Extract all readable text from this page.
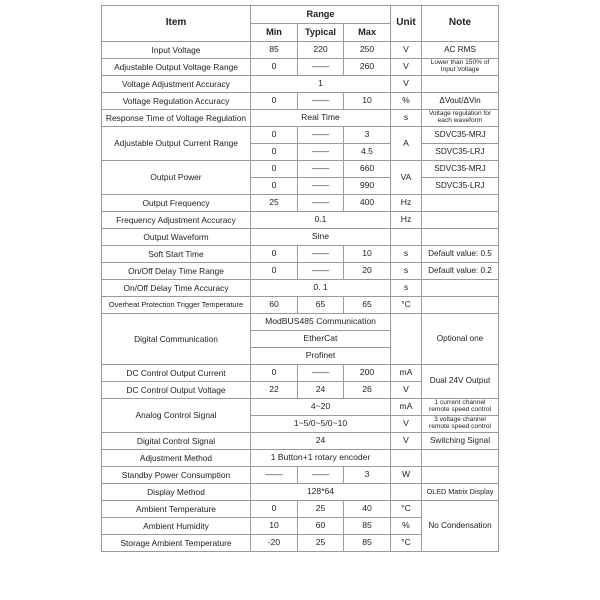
Item	Range			Unit	Note
	Min	Typical	Max		
Input Voltage	85	220	250	V	AC RMS
Adjustable Output Voltage Range	0	——	260	V	Lower than 150% of Input Voltage
Voltage Adjustment Accuracy	1			V	
Voltage Regulation Accuracy	0	——	10	%	ΔVout/ΔVin
Response Time of Voltage Regulation	Real Time			s	Voltage regulation for each waveform
Adjustable Output Current Range	0	——	3	A	SDVC35-MRJ
	0	——	4.5		SDVC35-LRJ
Output Power	0	——	660	VA	SDVC35-MRJ
	0	——	990		SDVC35-LRJ
Output Frequency	25	——	400	Hz	
Frequency Adjustment Accuracy	0.1			Hz	
Output Waveform	Sine				
Soft Start Time	0	——	10	s	Default value: 0.5
On/Off Delay Time Range	0	——	20	s	Default value: 0.2
On/Off Delay Time Accuracy	0. 1			s	
Overheat Protection Trigger Temperature	60	65	65	°C	
Digital Communication	ModBUS485 Communication				Optional one
	EtherCat				
	Profinet				
DC Control Output Current	0	——	200	mA	Dual 24V Output
DC Control Output Voltage	22	24	26	V	
Analog Control Signal	4~20			mA	1 current channel remote speed control
	1~5/0~5/0~10			V	3 voltage channel remote speed control
Digital Control Signal	24			V	Switching Signal
Adjustment Method	1 Button+1 rotary encoder				
Standby Power Consumption	——	——	3	W	
Display Method	128*64				OLED Matrix Display
Ambient Temperature	0	25	40	°C	No Condensation
Ambient Humidity	10	60	85	%	
Storage Ambient Temperature	-20	25	85	°C	
